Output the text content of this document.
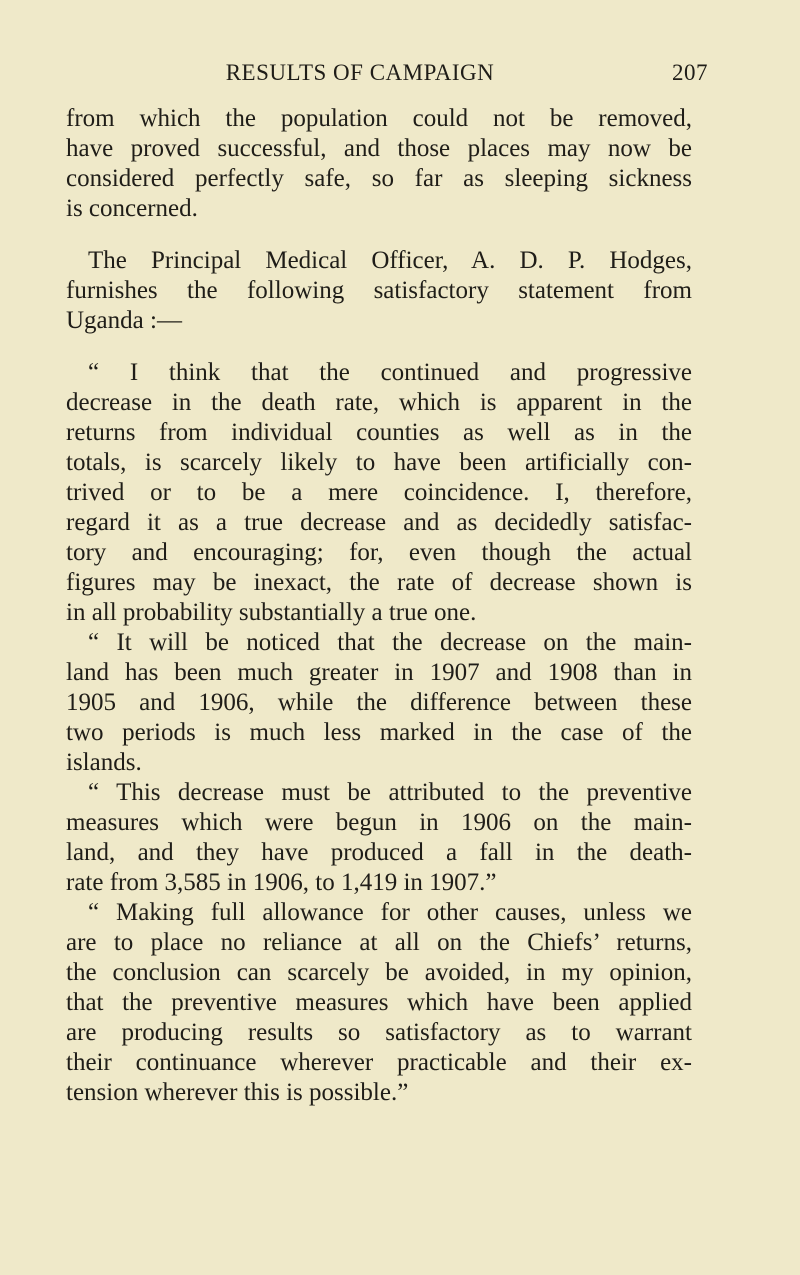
RESULTS OF CAMPAIGN	207

from which the population could not be removed,
have proved successful, and those places may now be
considered perfectly safe, so far as sleeping sickness
is concerned.

The Principal Medical Officer, A. D. P. Hodges,
furnishes the following satisfactory statement from
Uganda :—

“ I think that the continued and progressive
decrease in the death rate, which is apparent in the
returns from individual counties as well as in the
totals, is scarcely likely to have been artificially con-
trived or to be a mere coincidence. I, therefore,
regard it as a true decrease and as decidedly satisfac-
tory and encouraging; for, even though the actual
figures may be inexact, the rate of decrease shown is
in all probability substantially a true one.

“ It will be noticed that the decrease on the main-
land has been much greater in 1907 and 1908 than in
1905 and 1906, while the difference between these
two periods is much less marked in the case of the
islands.

“ This decrease must be attributed to the preventive
measures which were begun in 1906 on the main-
land, and they have produced a fall in the death-
rate from 3,585 in 1906, to 1,419 in 1907.”

“ Making full allowance for other causes, unless we
are to place no reliance at all on the Chiefs’ returns,
the conclusion can scarcely be avoided, in my opinion,
that the preventive measures which have been applied
are producing results so satisfactory as to warrant
their continuance wherever practicable and their ex-
tension wherever this is possible.”
